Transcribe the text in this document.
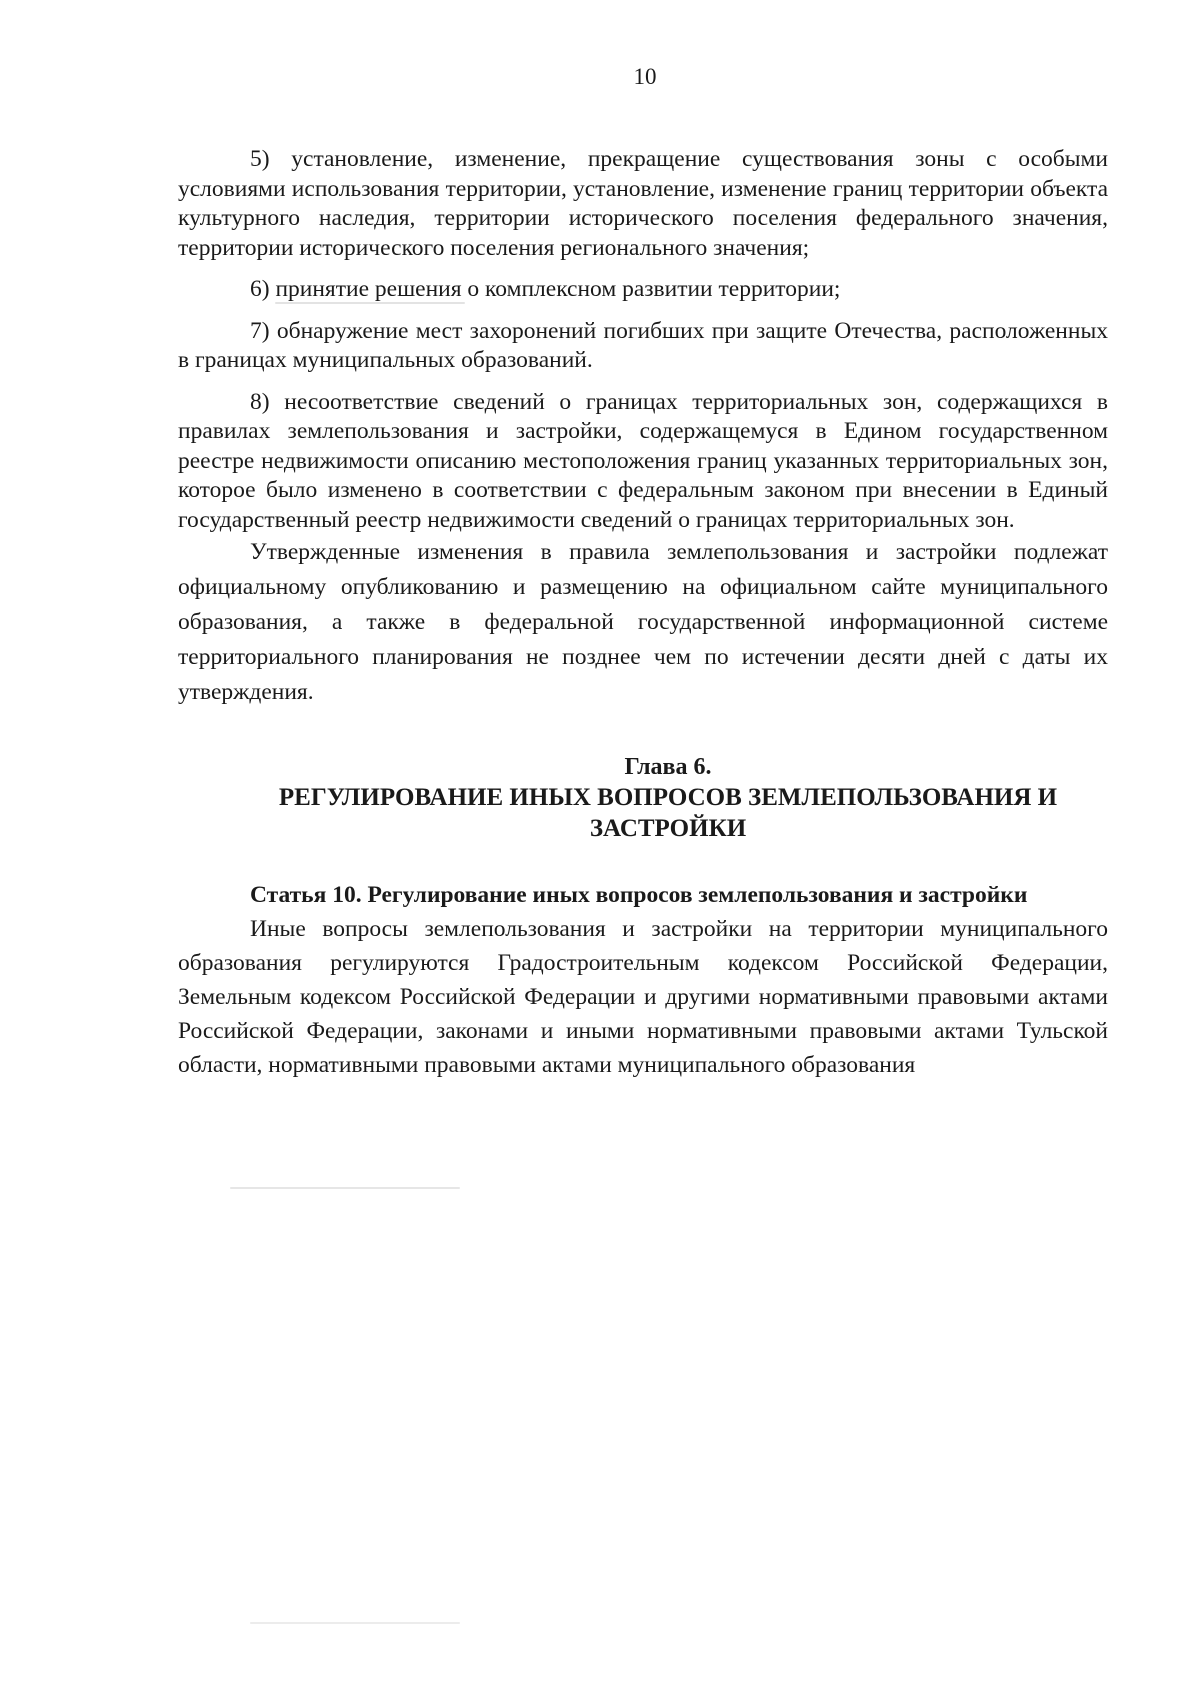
10

5) установление, изменение, прекращение существования зоны с особыми условиями использования территории, установление, изменение границ территории объекта культурного наследия, территории исторического поселения федерального значения, территории исторического поселения регионального значения;

6) принятие решения о комплексном развитии территории;

7) обнаружение мест захоронений погибших при защите Отечества, расположенных в границах муниципальных образований.

8) несоответствие сведений о границах территориальных зон, содержащихся в правилах землепользования и застройки, содержащемуся в Едином государственном реестре недвижимости описанию местоположения границ указанных территориальных зон, которое было изменено в соответствии с федеральным законом при внесении в Единый государственный реестр недвижимости сведений о границах территориальных зон.

Утвержденные изменения в правила землепользования и застройки подлежат официальному опубликованию и размещению на официальном сайте муниципального образования, а также в федеральной государственной информационной системе территориального планирования не позднее чем по истечении десяти дней с даты их утверждения.

Глава 6.
РЕГУЛИРОВАНИЕ ИНЫХ ВОПРОСОВ ЗЕМЛЕПОЛЬЗОВАНИЯ И ЗАСТРОЙКИ
Статья 10. Регулирование иных вопросов землепользования и застройки

Иные вопросы землепользования и застройки на территории муниципального образования регулируются Градостроительным кодексом Российской Федерации, Земельным кодексом Российской Федерации и другими нормативными правовыми актами Российской Федерации, законами и иными нормативными правовыми актами Тульской области, нормативными правовыми актами муниципального образования
